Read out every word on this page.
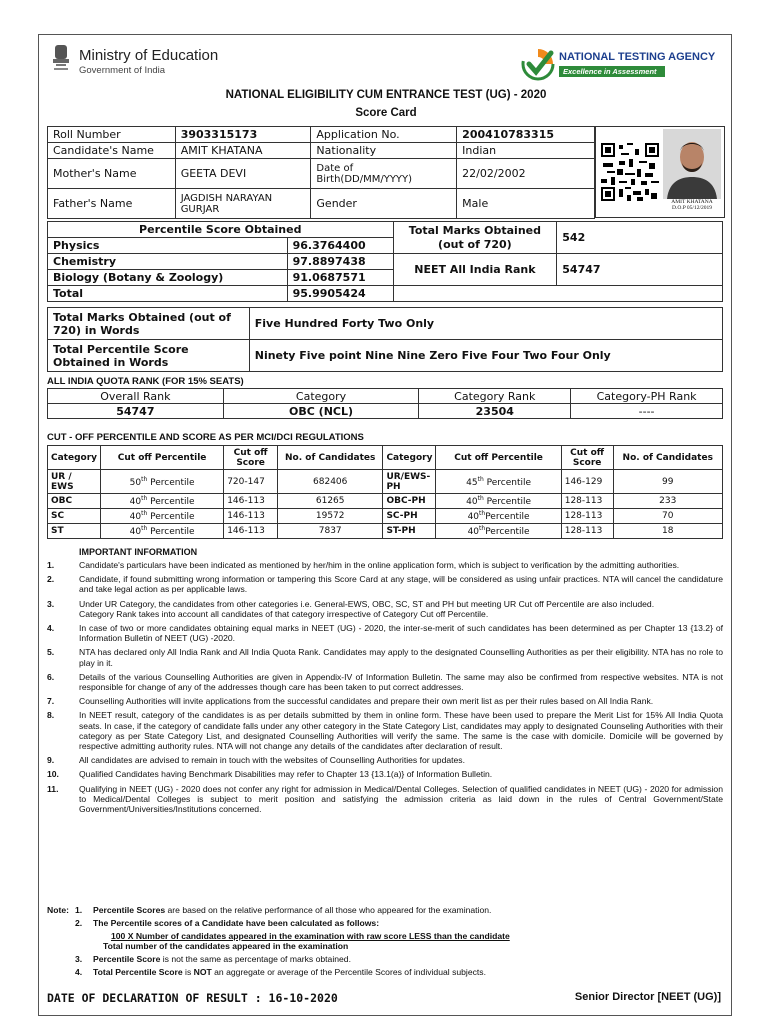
Ministry of Education
Government of India
NATIONAL TESTING AGENCY
Excellence in Assessment
NATIONAL ELIGIBILITY CUM ENTRANCE TEST (UG) - 2020
Score Card
Roll Number	3903315173	Application No.	200410783315
Candidate's Name	AMIT KHATANA	Nationality	Indian
Mother's Name	GEETA DEVI	Date of Birth(DD/MM/YYYY)	22/02/2002
Father's Name	JAGDISH NARAYAN GURJAR	Gender	Male	AMIT KHATANA
D.O.P 05/12/2019
Percentile Score Obtained		Total Marks Obtained (out of 720)	542
Physics	96.3764400		
Chemistry	97.8897438	NEET All India Rank	54747
Biology (Botany & Zoology)	91.0687571		
Total	95.9905424		
Total Marks Obtained (out of 720) in Words	Five Hundred Forty Two Only
Total Percentile Score Obtained in Words	Ninety Five point Nine Nine Zero Five Four Two Four Only
ALL INDIA QUOTA RANK (FOR 15% SEATS)
Overall Rank	Category	Category Rank	Category-PH Rank
54747	OBC (NCL)	23504	----
CUT - OFF PERCENTILE AND SCORE AS PER MCI/DCI REGULATIONS
Category	Cut off Percentile	Cut off Score	No. of Candidates	Category	Cut off Percentile	Cut off Score	No. of Candidates
UR / EWS	50th Percentile	720-147	682406	UR/EWS-PH	45th Percentile	146-129	99
OBC	40th Percentile	146-113	61265	OBC-PH	40th Percentile	128-113	233
SC	40th Percentile	146-113	19572	SC-PH	40thPercentile	128-113	70
ST	40th Percentile	146-113	7837	ST-PH	40thPercentile	128-113	18
IMPORTANT INFORMATION
1.	Candidate's particulars have been indicated as mentioned by her/him in the online application form, which is subject to verification by the admitting authorities.
2.	Candidate, if found submitting wrong information or tampering this Score Card at any stage, will be considered as using unfair practices. NTA will cancel the candidature and take legal action as per applicable laws.
3.	Under UR Category, the candidates from other categories i.e. General-EWS, OBC, SC, ST and PH but meeting UR Cut off Percentile are also included.
Category Rank takes into account all candidates of that category irrespective of Category Cut off Percentile.
4.	In case of two or more candidates obtaining equal marks in NEET (UG) - 2020, the inter-se-merit of such candidates has been determined as per Chapter 13 {13.2} of Information Bulletin of NEET (UG) -2020.
5.	NTA has declared only All India Rank and All India Quota Rank. Candidates may apply to the designated Counselling Authorities as per their eligibility. NTA has no role to play in it.
6.	Details of the various Counselling Authorities are given in Appendix-IV of Information Bulletin. The same may also be confirmed from respective websites. NTA is not responsible for change of any of the addresses though care has been taken to put correct addresses.
7.	Counselling Authorities will invite applications from the successful candidates and prepare their own merit list as per their rules based on All India Rank.
8.	In NEET result, category of the candidates is as per details submitted by them in online form. These have been used to prepare the Merit List for 15% All India Quota seats. In case, if the category of candidate falls under any other category in the State Category List, candidates may apply to designated Counseling Authorities with their category as per State Category List, and designated Counselling Authorities will verify the same. The same is the case with domicile. Domicile will be governed by respective admitting authority rules. NTA will not change any details of the candidates after declaration of result.
9.	All candidates are advised to remain in touch with the websites of Counselling Authorities for updates.
10.	Qualified Candidates having Benchmark Disabilities may refer to Chapter 13 {13.1(a)} of Information Bulletin.
11.	Qualifying in NEET (UG) - 2020 does not confer any right for admission in Medical/Dental Colleges. Selection of qualified candidates in NEET (UG) - 2020 for admission to Medical/Dental Colleges is subject to merit position and satisfying the admission criteria as laid down in the rules of Central Government/State Government/Universities/Institutions concerned.
Note: 1.	Percentile Scores are based on the relative performance of all those who appeared for the examination.
2.	The Percentile scores of a Candidate have been calculated as follows:
100 X Number of candidates appeared in the examination with raw score LESS than the candidate
Total number of the candidates appeared in the examination
3.	Percentile Score is not the same as percentage of marks obtained.
4.	Total Percentile Score is NOT an aggregate or average of the Percentile Scores of individual subjects.
DATE OF DECLARATION OF RESULT : 16-10-2020	Senior Director [NEET (UG)]
